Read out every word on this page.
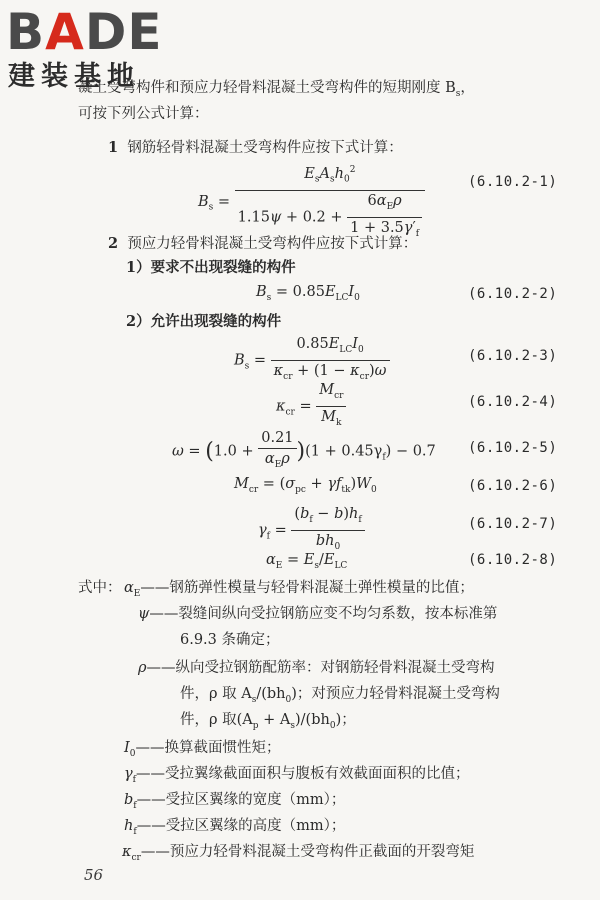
BADE
建装基地
凝土受弯构件和预应力轻骨料混凝土受弯构件的短期刚度 $B_s$，
可按下列公式计算：
1 钢筋轻骨料混凝土受弯构件应按下式计算：
$B_s = \frac{E_sA_sh_0^2}{1.15\psi + 0.2 + \frac{6\alpha_E\rho}{1 + 3.5\gamma'_f}}$	(6.10.2-1)
2 预应力轻骨料混凝土受弯构件应按下式计算：
1）要求不出现裂缝的构件
$B_s = 0.85E_{LC}I_0$	(6.10.2-2)
2）允许出现裂缝的构件
$B_s = \frac{0.85E_{LC}I_0}{\kappa_{cr} + (1 - \kappa_{cr})\omega}$	(6.10.2-3)
$\kappa_{cr} = \frac{M_{cr}}{M_k}$	(6.10.2-4)
$\omega = (1.0 + \frac{0.21}{\alpha_E\rho} )(1 + 0.45\gamma_f) - 0.7$ (6.10.2-5)
$M_{cr} = (\sigma_{pc} + \gamma f_{tk})W_0$	(6.10.2-6)
$\gamma_f = \frac{(b_f - b)h_f}{bh_0}$	(6.10.2-7)
$\alpha_E = E_s/E_{LC}$	(6.10.2-8)
式中： $\alpha_E——$钢筋弹性模量与轻骨料混凝土弹性模量的比值；
ψ——裂缝间纵向受拉钢筋应变不均匀系数，按本标准第
6.9.3 条确定；
ρ——纵向受拉钢筋配筋率：对钢筋轻骨料混凝土受弯构
件，ρ 取 $A_s/(bh_0)$；对预应力轻骨料混凝土受弯构
件，ρ 取$(A_p + A_s)/(bh_0)$；
$I_0——$换算截面惯性矩；
$\gamma_f——$受拉翼缘截面面积与腹板有效截面面积的比值；
$b_f——$受拉区翼缘的宽度（mm）；
$h_f——$受拉区翼缘的高度（mm）；
$\kappa_{cr}——$预应力轻骨料混凝土受弯构件正截面的开裂弯矩
56
